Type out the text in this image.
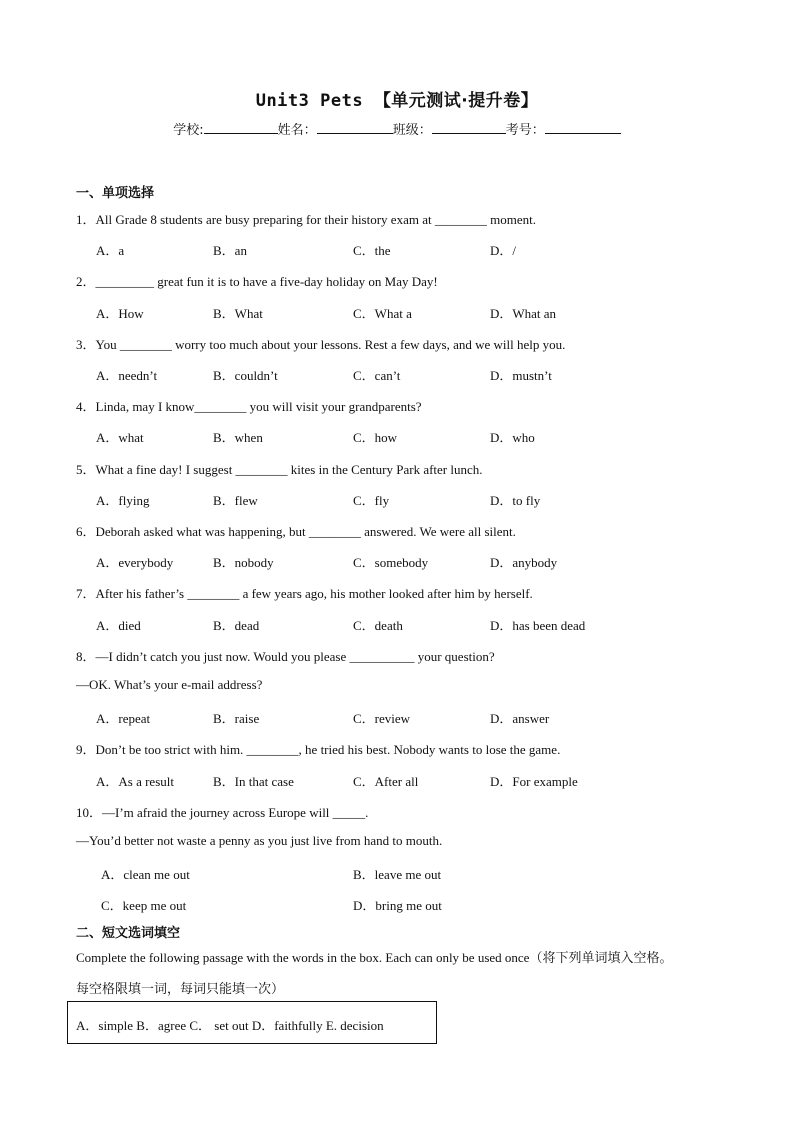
Unit3 Pets 【单元测试·提升卷】
学校:	姓名：	班级：	考号：
一、单项选择
1．All Grade 8 students are busy preparing for their history exam at ________ moment.
A．a	B．an	C．the	D．/
2．_________ great fun it is to have a five-day holiday on May Day!
A．How	B．What	C．What a	D．What an
3．You ________ worry too much about your lessons. Rest a few days, and we will help you.
A．needn’t	B．couldn’t	C．can’t	D．mustn’t
4．Linda, may I know________ you will visit your grandparents?
A．what	B．when	C．how	D．who
5．What a fine day! I suggest ________ kites in the Century Park after lunch.
A．flying	B．flew	C．fly	D．to fly
6．Deborah asked what was happening, but ________ answered. We were all silent.
A．everybody	B．nobody	C．somebody	D．anybody
7．After his father’s ________ a few years ago, his mother looked after him by herself.
A．died	B．dead	C．death	D．has been dead
8．—I didn’t catch you just now. Would you please __________ your question?
—OK. What’s your e-mail address?
A．repeat	B．raise	C．review	D．answer
9．Don’t be too strict with him. ________, he tried his best. Nobody wants to lose the game.
A．As a result	B．In that case	C．After all	D．For example
10．—I’m afraid the journey across Europe will _____.
—You’d better not waste a penny as you just live from hand to mouth.
A．clean me out	B．leave me out
C．keep me out	D．bring me out
二、短文选词填空
Complete the following passage with the words in the box. Each can only be used once（将下列单词填入空格。
每空格限填一词，每词只能填一次）
A．simple B．agree C． set out D．faithfully E. decision
